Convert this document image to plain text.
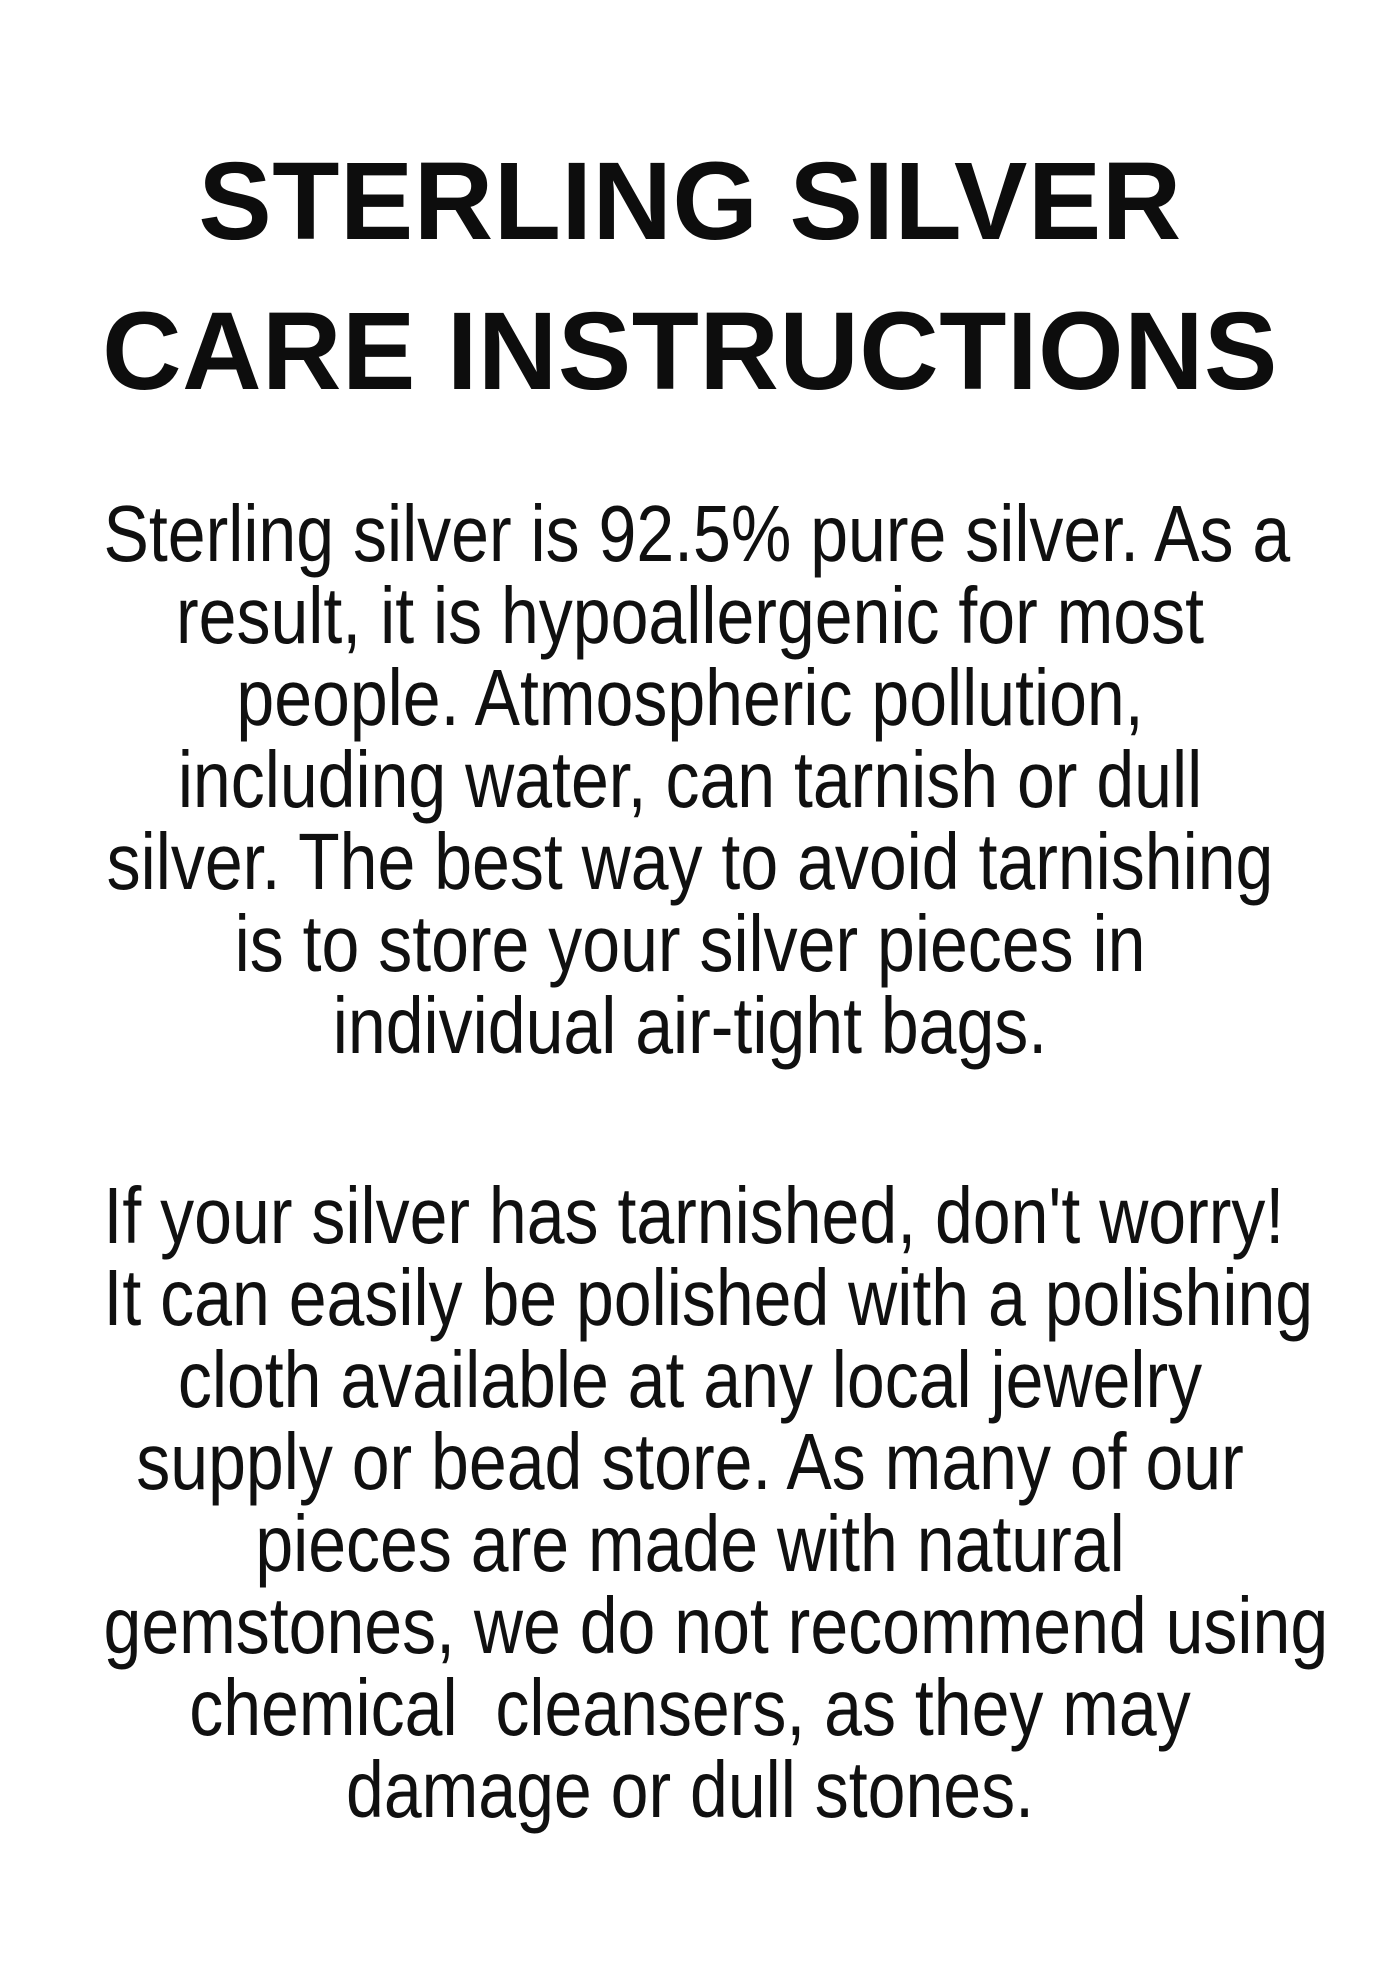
STERLING SILVER
CARE INSTRUCTIONS
Sterling silver is 92.5% pure silver. As a
result, it is hypoallergenic for most
people. Atmospheric pollution,
including water, can tarnish or dull
silver. The best way to avoid tarnishing
is to store your silver pieces in
individual air-tight bags.
If your silver has tarnished, don't worry!
It can easily be polished with a polishing
cloth available at any local jewelry
supply or bead store. As many of our
pieces are made with natural
gemstones, we do not recommend using
chemical  cleansers, as they may
damage or dull stones.
